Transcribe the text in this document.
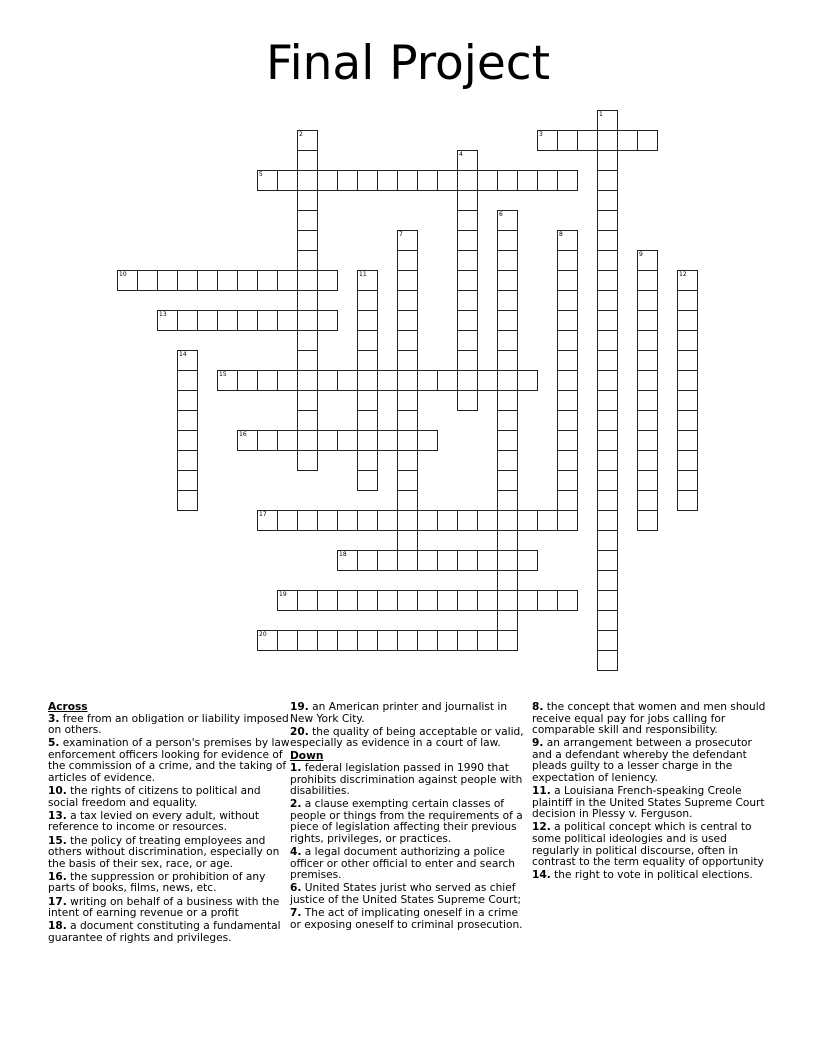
Final Project
1
2	3
4
5
6
7	8
9
10	11	12
13
14
15
16
17
18
19
20
Across
3. free from an obligation or liability imposed on others.
5. examination of a person's premises by law enforcement officers looking for evidence of the commission of a crime, and the taking of articles of evidence.
10. the rights of citizens to political and social freedom and equality.
13. a tax levied on every adult, without reference to income or resources.
15. the policy of treating employees and others without discrimination, especially on the basis of their sex, race, or age.
16. the suppression or prohibition of any parts of books, films, news, etc.
17. writing on behalf of a business with the intent of earning revenue or a profit
18. a document constituting a fundamental guarantee of rights and privileges.
19. an American printer and journalist in New York City.
20. the quality of being acceptable or valid, especially as evidence in a court of law.
Down
1. federal legislation passed in 1990 that prohibits discrimination against people with disabilities.
2. a clause exempting certain classes of people or things from the requirements of a piece of legislation affecting their previous rights, privileges, or practices.
4. a legal document authorizing a police officer or other official to enter and search premises.
6. United States jurist who served as chief justice of the United States Supreme Court;
7. The act of implicating oneself in a crime or exposing oneself to criminal prosecution.
8. the concept that women and men should receive equal pay for jobs calling for comparable skill and responsibility.
9. an arrangement between a prosecutor and a defendant whereby the defendant pleads guilty to a lesser charge in the expectation of leniency.
11. a Louisiana French-speaking Creole plaintiff in the United States Supreme Court decision in Plessy v. Ferguson.
12. a political concept which is central to some political ideologies and is used regularly in political discourse, often in contrast to the term equality of opportunity
14. the right to vote in political elections.
